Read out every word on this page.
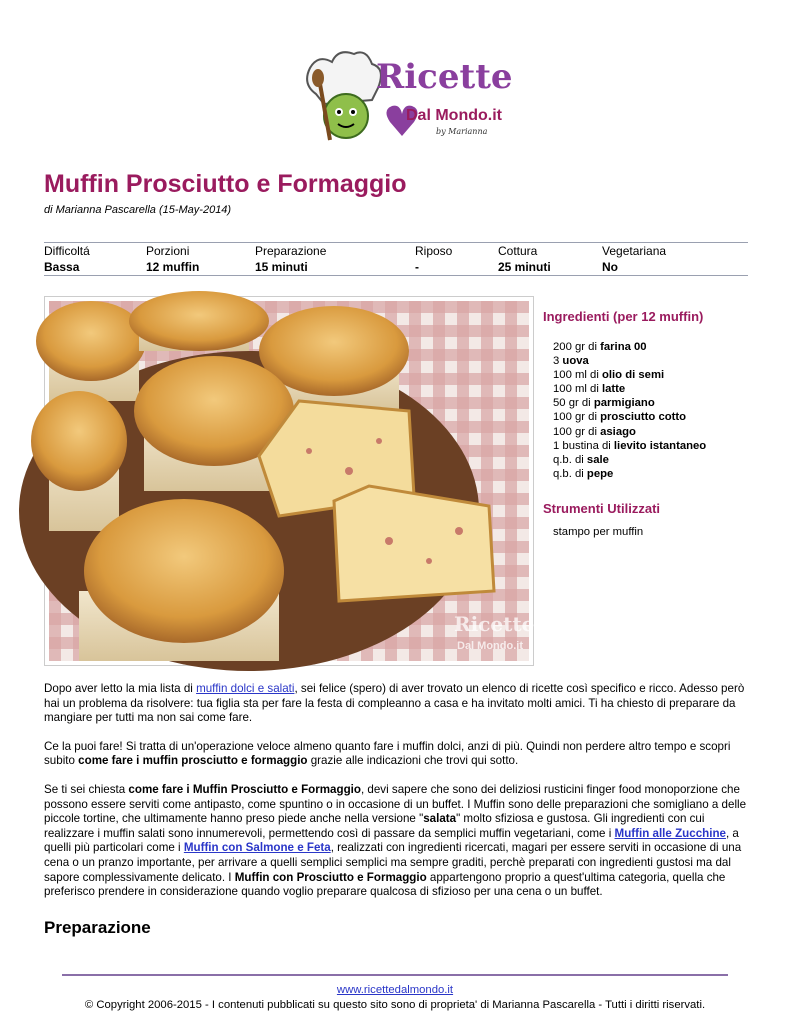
Ricette
Dal Mondo.it
by Marianna
Muffin Prosciutto e Formaggio
di Marianna Pascarella (15-May-2014)
Difficoltá	Porzioni	Preparazione	Riposo	Cottura	Vegetariana
Bassa	12 muffin	15 minuti	-	25 minuti	No
Ricette
Dal Mondo.it
Ingredienti (per 12 muffin)
200 gr di farina 00
3 uova
100 ml di olio di semi
100 ml di latte
50 gr di parmigiano
100 gr di prosciutto cotto
100 gr di asiago
1 bustina di lievito istantaneo
q.b. di sale
q.b. di pepe
Strumenti Utilizzati
stampo per muffin

Dopo aver letto la mia lista di muffin dolci e salati, sei felice (spero) di aver trovato un elenco di ricette così specifico e ricco. Adesso però hai un problema da risolvere: tua figlia sta per fare la festa di compleanno a casa e ha invitato molti amici. Ti ha chiesto di preparare da mangiare per tutti ma non sai come fare.

Ce la puoi fare! Si tratta di un'operazione veloce almeno quanto fare i muffin dolci, anzi di più. Quindi non perdere altro tempo e scopri subito come fare i muffin prosciutto e formaggio grazie alle indicazioni che trovi qui sotto.

Se ti sei chiesta come fare i Muffin Prosciutto e Formaggio, devi sapere che sono dei deliziosi rusticini finger food monoporzione che possono essere serviti come antipasto, come spuntino o in occasione di un buffet. I Muffin sono delle preparazioni che somigliano a delle piccole tortine, che ultimamente hanno preso piede anche nella versione "salata" molto sfiziosa e gustosa. Gli ingredienti con cui realizzare i muffin salati sono innumerevoli, permettendo così di passare da semplici muffin vegetariani, come i Muffin alle Zucchine, a quelli più particolari come i Muffin con Salmone e Feta, realizzati con ingredienti ricercati, magari per essere serviti in occasione di una cena o un pranzo importante, per arrivare a quelli semplici semplici ma sempre graditi, perchè preparati con ingredienti gustosi ma dal sapore complessivamente delicato. I Muffin con Prosciutto e Formaggio appartengono proprio a quest'ultima categoria, quella che preferisco prendere in considerazione quando voglio preparare qualcosa di sfizioso per una cena o un buffet.

Preparazione
www.ricettedalmondo.it
© Copyright 2006-2015 - I contenuti pubblicati su questo sito sono di proprieta' di Marianna Pascarella - Tutti i diritti riservati.
